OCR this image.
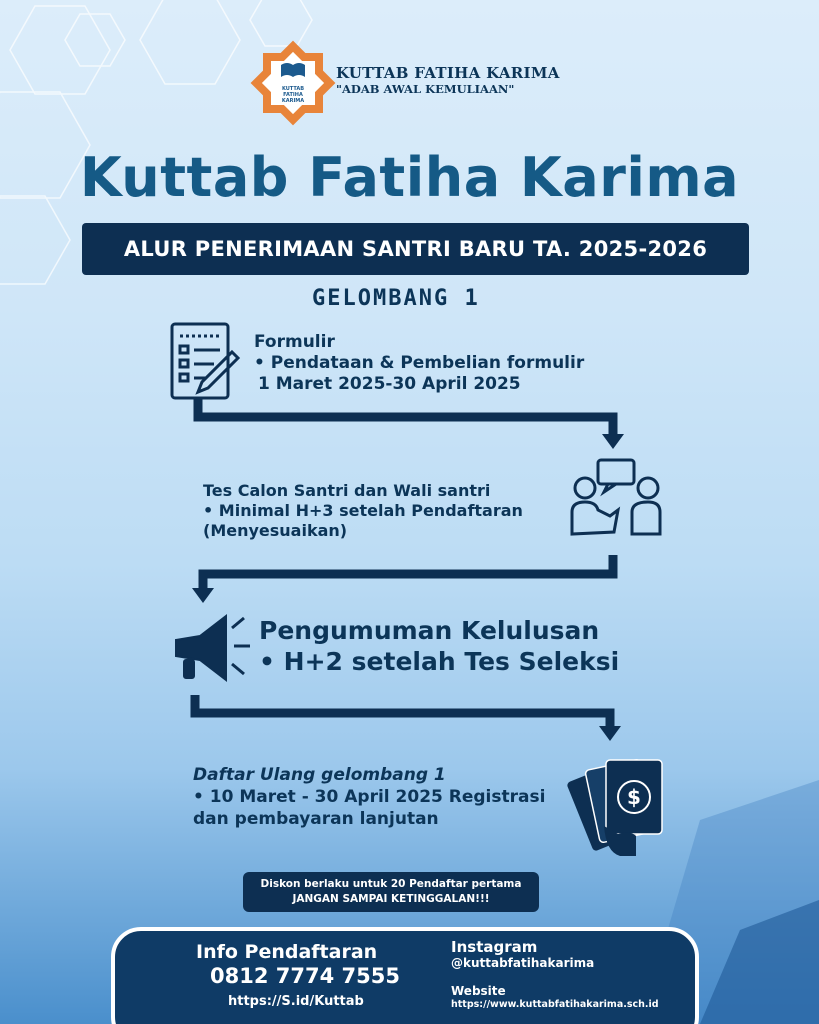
$
KUTTAB
FATIHA
KARIMA
KUTTAB FATIHA KARIMA
"ADAB AWAL KEMULIAAN"
Kuttab Fatiha Karima
ALUR PENERIMAAN SANTRI BARU TA. 2025-2026
GELOMBANG 1
Formulir
• Pendataan & Pembelian formulir
1 Maret 2025-30 April 2025
Tes Calon Santri dan Wali santri
• Minimal H+3 setelah Pendaftaran
(Menyesuaikan)
Pengumuman Kelulusan
• H+2 setelah Tes Seleksi
Daftar Ulang gelombang 1
• 10 Maret - 30 April 2025 Registrasi
dan pembayaran lanjutan
Diskon berlaku untuk 20 Pendaftar pertama
JANGAN SAMPAI KETINGGALAN!!!
Info Pendaftaran
0812 7774 7555
https://S.id/Kuttab
Instagram
@kuttabfatihakarima
Website
https://www.kuttabfatihakarima.sch.id
